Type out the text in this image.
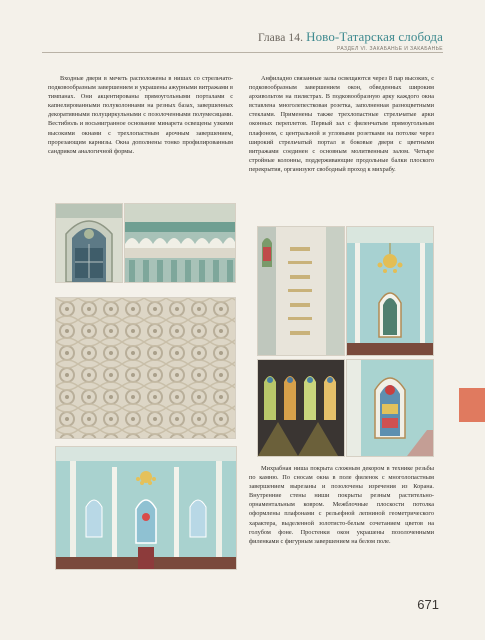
Глава 14. Ново-Татарская слобода
РАЗДЕЛ VI. ЗАКАБАНЬЕ И ЗАКАБАНЬЕ

Входные двери в мечеть расположены в нишах со стрельчато-подковообразным завершением и украшены ажурными витражами в тимпанах. Они акцентированы прямоугольными порталами с капнелированными полуколоннами на резных базах, завершенных декоративными полуциркульными с позолоченными полумесяцами. Вестибюль и восьмигранное основание минарета освещены узкими высокими окнами с трехлопастным арочным завершением, прорезающим карнизы. Окна дополнены тонко профилированным сандриком аналогичной формы.

Анфиладно связанные залы освещаются через 8 пар высоких, с подковообразным завершением окон, обведенных широким архивольтом на пилястрах. В подковообразную арку каждого окна вставлена многолепестковая розетка, заполненная разноцветными стеклами. Применены также трехлопастные стрельчатые арки оконных переплетов. Первый зал с филенчатым прямоугольным плафоном, с центральной и угловыми розетками на потолке через широкий стрельчатый портал и боковые двери с цветными витражами соединен с основным молитвенным залом. Четыре стройные колонны, поддерживающие продольные балки плоского перекрытия, организуют свободный проход к михрабу.

Михрабная ниша покрыта сложным декором в технике резьбы по камню. По сносам окна в поле филенок с многолопастным завершением вырезаны и позолочены изречения из Корана. Внутренние стены ниши покрыты резным растительно-орнаментальным ковром. Межблочные плоскости потолка оформлены плафонами с рельефной лепниной геометрического характера, выделенной золотисто-белым сочетанием цветов на голубом фоне. Простенки окон украшены позолоченными филенками с фигурным завершением на белом поле.

671
